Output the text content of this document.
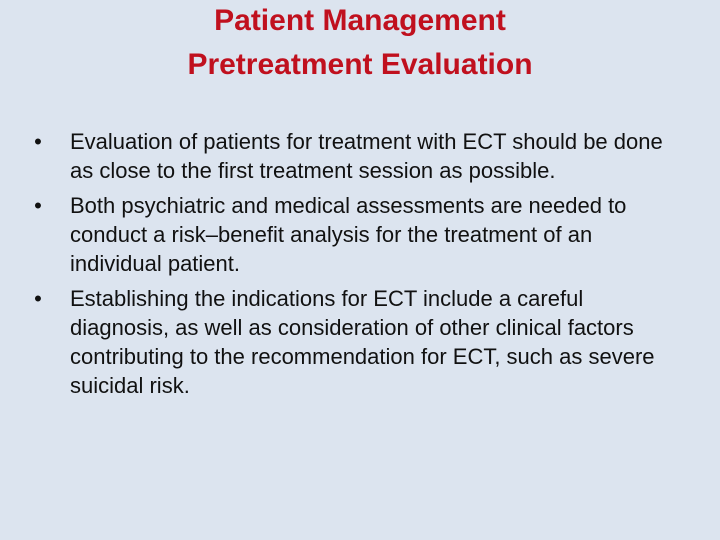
Patient Management
Pretreatment Evaluation
• Evaluation of patients for treatment with ECT should be done as close to the first treatment session as possible.
• Both psychiatric and medical assessments are needed to conduct a risk–benefit analysis for the treatment of an individual patient.
• Establishing the indications for ECT include a careful diagnosis, as well as consideration of other clinical factors contributing to the recommendation for ECT, such as severe suicidal risk.
